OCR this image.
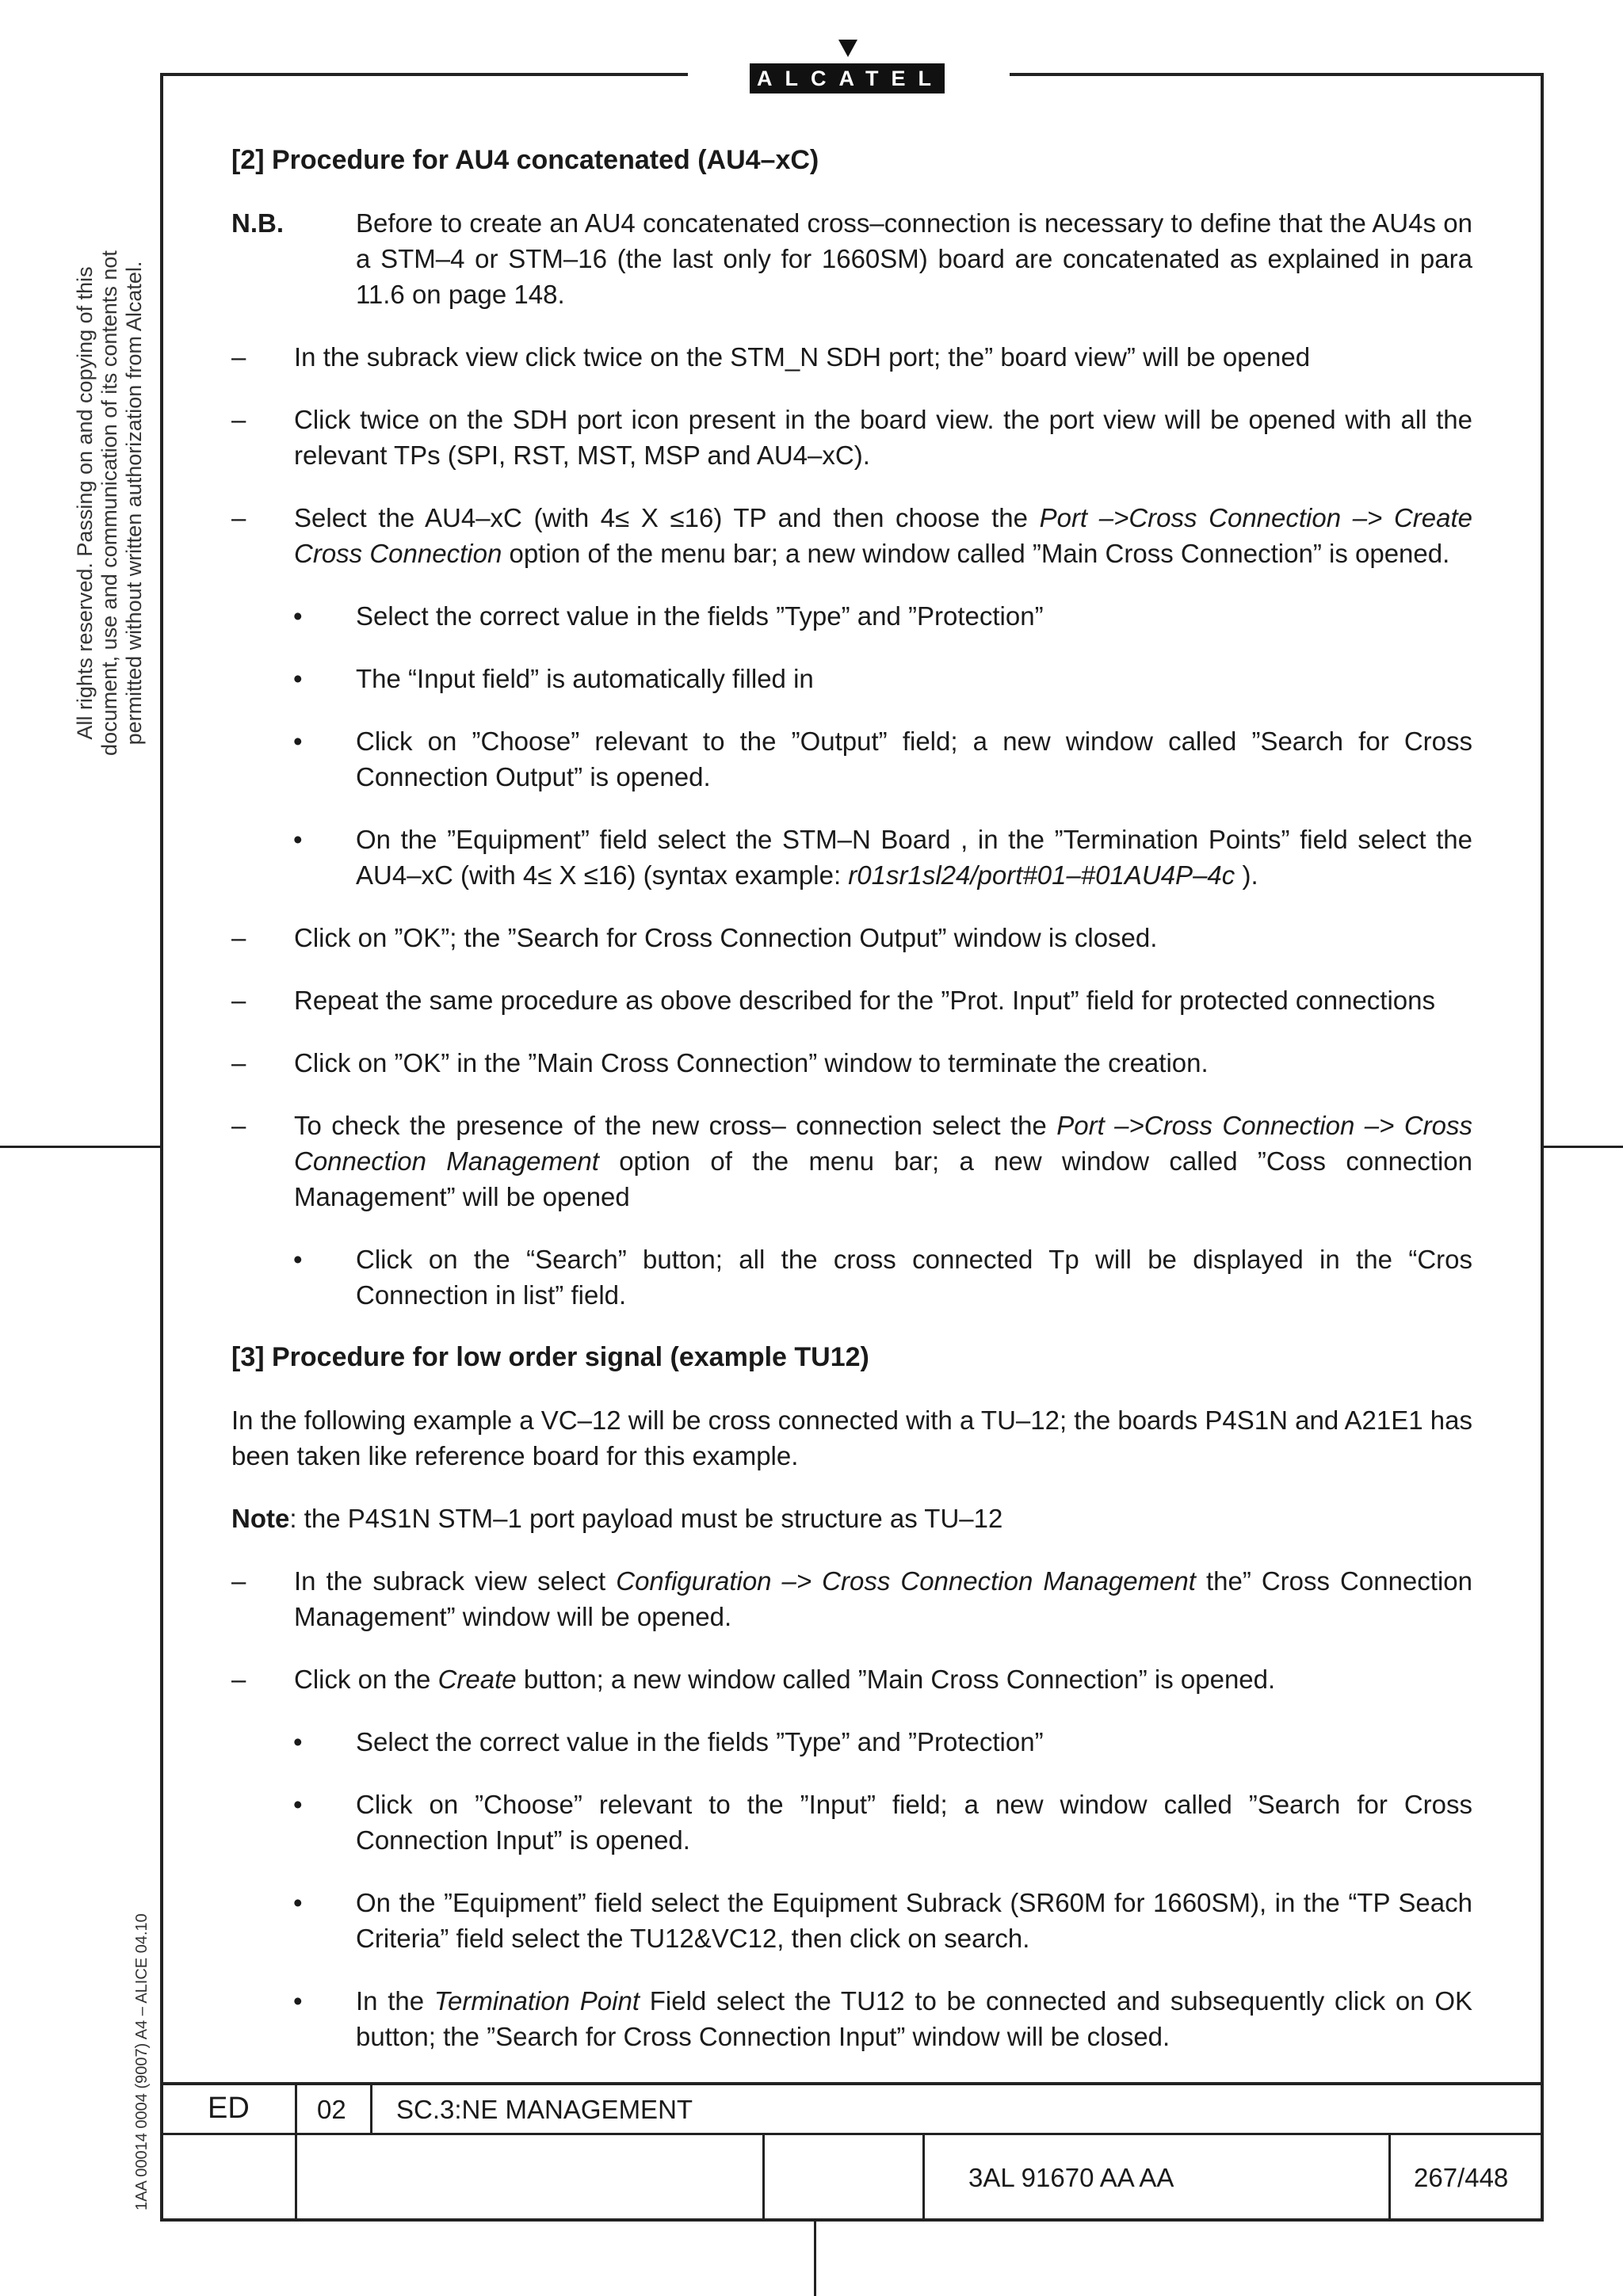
ALCATEL
All rights reserved. Passing on and copying of this document, use and communication of its contents not permitted without written authorization from Alcatel.
1AA 00014 0004 (9007) A4 – ALICE 04.10
[2] Procedure for AU4 concatenated (AU4–xC)
N.B.	Before to create an AU4 concatenated cross–connection is necessary to define that the AU4s on a STM–4 or STM–16 (the last only for 1660SM) board are concatenated as explained in para 11.6 on page 148.
– In the subrack view click twice on the STM_N SDH port; the” board view” will be opened
– Click twice on the SDH port icon present in the board view. the port view will be opened with all the relevant TPs (SPI, RST, MST, MSP and AU4–xC).
– Select the AU4–xC (with 4≤ X ≤16) TP and then choose the Port –>Cross Connection –> Create Cross Connection option of the menu bar; a new window called ”Main Cross Connection” is opened.
• Select the correct value in the fields ”Type” and ”Protection”
• The “Input field” is automatically filled in
• Click on ”Choose” relevant to the ”Output” field; a new window called ”Search for Cross Connection Output” is opened.
• On the ”Equipment” field select the STM–N Board , in the ”Termination Points” field select the AU4–xC (with 4≤ X ≤16) (syntax example: r01sr1sl24/port#01–#01AU4P–4c ).
– Click on ”OK”; the ”Search for Cross Connection Output” window is closed.
– Repeat the same procedure as obove described for the ”Prot. Input” field for protected connections
– Click on ”OK” in the ”Main Cross Connection” window to terminate the creation.
– To check the presence of the new cross– connection select the Port –>Cross Connection –> Cross Connection Management option of the menu bar; a new window called ”Coss connection Management” will be opened
• Click on the “Search” button; all the cross connected Tp will be displayed in the “Cros Connection in list” field.
[3] Procedure for low order signal (example TU12)
In the following example a VC–12 will be cross connected with a TU–12; the boards P4S1N and A21E1 has been taken like reference board for this example.
Note: the P4S1N STM–1 port payload must be structure as TU–12
– In the subrack view select Configuration –> Cross Connection Management the” Cross Connection Management” window will be opened.
– Click on the Create button; a new window called ”Main Cross Connection” is opened.
• Select the correct value in the fields ”Type” and ”Protection”
• Click on ”Choose” relevant to the ”Input” field; a new window called ”Search for Cross Connection Input” is opened.
• On the ”Equipment” field select the Equipment Subrack (SR60M for 1660SM), in the “TP Seach Criteria” field select the TU12&VC12, then click on search.
• In the Termination Point Field select the TU12 to be connected and subsequently click on OK button; the ”Search for Cross Connection Input” window will be closed.
ED	02 SC.3:NE MANAGEMENT
3AL 91670 AA AA	267/448
